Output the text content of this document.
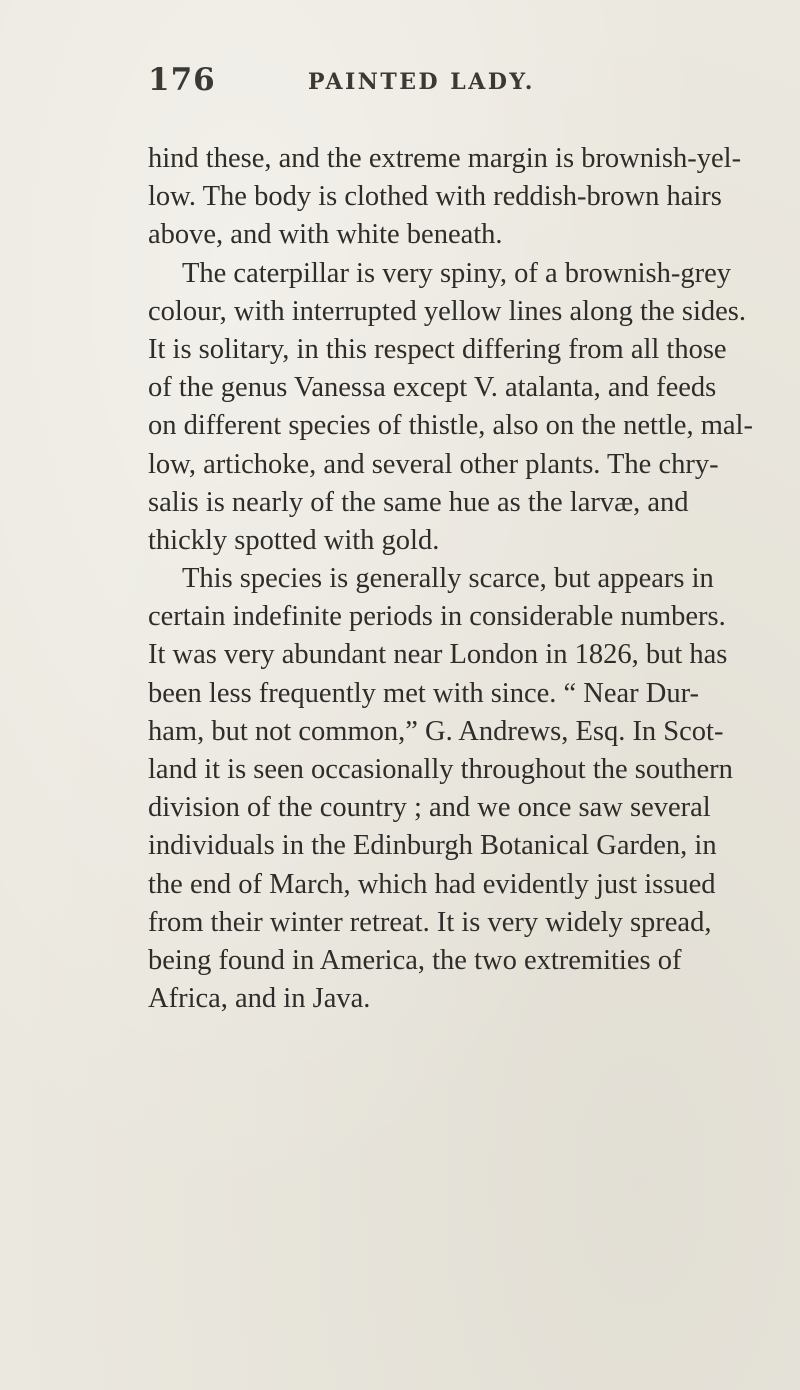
176	PAINTED LADY.
hind these, and the extreme margin is brownish-yel-
low. The body is clothed with reddish-brown hairs
above, and with white beneath.
The caterpillar is very spiny, of a brownish-grey
colour, with interrupted yellow lines along the sides.
It is solitary, in this respect differing from all those
of the genus Vanessa except V. atalanta, and feeds
on different species of thistle, also on the nettle, mal-
low, artichoke, and several other plants. The chry-
salis is nearly of the same hue as the larvæ, and
thickly spotted with gold.
This species is generally scarce, but appears in
certain indefinite periods in considerable numbers.
It was very abundant near London in 1826, but has
been less frequently met with since. “ Near Dur-
ham, but not common,” G. Andrews, Esq. In Scot-
land it is seen occasionally throughout the southern
division of the country ; and we once saw several
individuals in the Edinburgh Botanical Garden, in
the end of March, which had evidently just issued
from their winter retreat. It is very widely spread,
being found in America, the two extremities of
Africa, and in Java.
